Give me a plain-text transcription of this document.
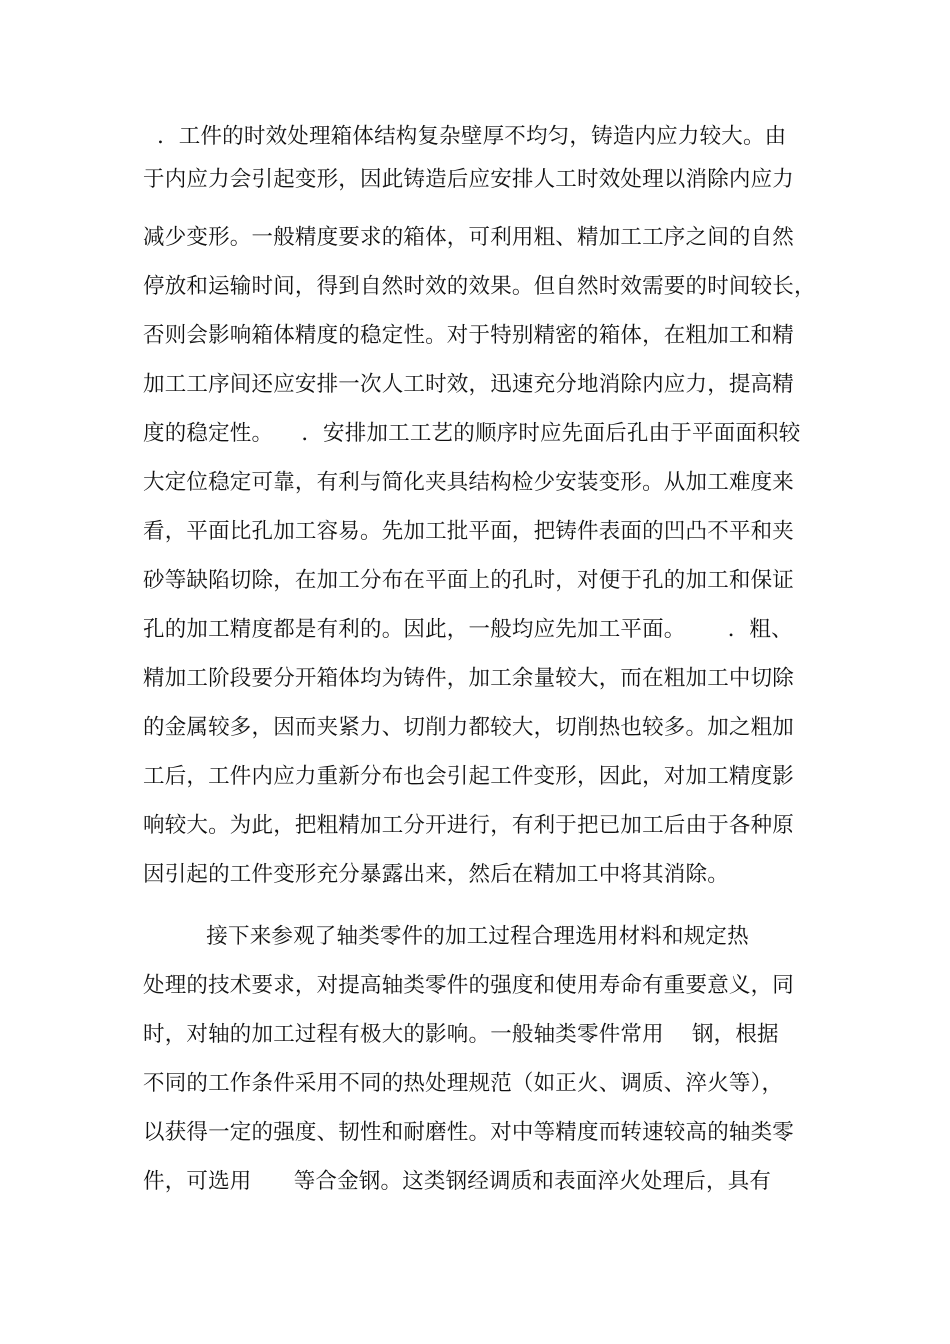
．工件的时效处理箱体结构复杂壁厚不均匀，铸造内应力较大。由
于内应力会引起变形，因此铸造后应安排人工时效处理以消除内应力
减少变形。一般精度要求的箱体，可利用粗、精加工工序之间的自然
停放和运输时间，得到自然时效的效果。但自然时效需要的时间较长，
否则会影响箱体精度的稳定性。对于特别精密的箱体，在粗加工和精
加工工序间还应安排一次人工时效，迅速充分地消除内应力，提高精
度的稳定性。    ．安排加工工艺的顺序时应先面后孔由于平面面积较
大定位稳定可靠，有利与简化夹具结构检少安装变形。从加工难度来
看，平面比孔加工容易。先加工批平面，把铸件表面的凹凸不平和夹
砂等缺陷切除，在加工分布在平面上的孔时，对便于孔的加工和保证
孔的加工精度都是有利的。因此，一般均应先加工平面。      ．粗、
精加工阶段要分开箱体均为铸件，加工余量较大，而在粗加工中切除
的金属较多，因而夹紧力、切削力都较大，切削热也较多。加之粗加
工后，工件内应力重新分布也会引起工件变形，因此，对加工精度影
响较大。为此，把粗精加工分开进行，有利于把已加工后由于各种原
因引起的工件变形充分暴露出来，然后在精加工中将其消除。
接下来参观了轴类零件的加工过程合理选用材料和规定热
处理的技术要求，对提高轴类零件的强度和使用寿命有重要意义，同
时，对轴的加工过程有极大的影响。一般轴类零件常用    钢，根据
不同的工作条件采用不同的热处理规范（如正火、调质、淬火等），
以获得一定的强度、韧性和耐磨性。对中等精度而转速较高的轴类零
件，可选用      等合金钢。这类钢经调质和表面淬火处理后，具有
